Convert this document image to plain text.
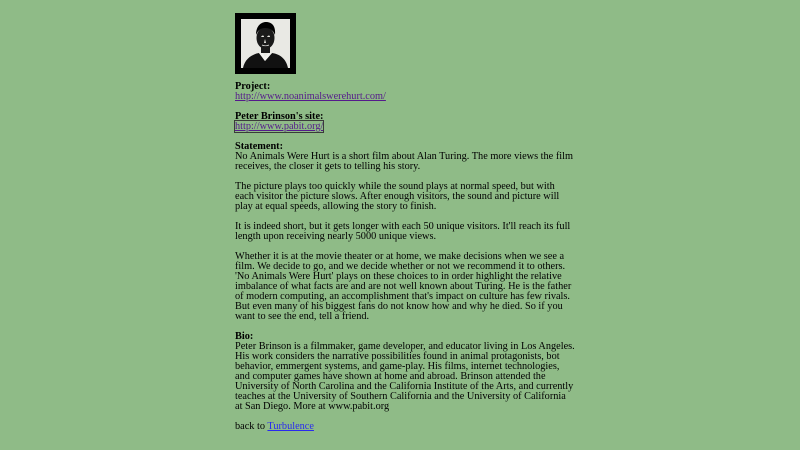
Project:
http://www.noanimalswerehurt.com/
Peter Brinson's site:
http://www.pabit.org/
Statement:

No Animals Were Hurt is a short film about Alan Turing. The more views the film receives, the closer it gets to telling his story.

The picture plays too quickly while the sound plays at normal speed, but with each visitor the picture slows. After enough visitors, the sound and picture will play at equal speeds, allowing the story to finish.

It is indeed short, but it gets longer with each 50 unique visitors. It'll reach its full length upon receiving nearly 5000 unique views.

Whether it is at the movie theater or at home, we make decisions when we see a film. We decide to go, and we decide whether or not we recommend it to others. 'No Animals Were Hurt' plays on these choices to in order highlight the relative imbalance of what facts are and are not well known about Turing. He is the father of modern computing, an accomplishment that's impact on culture has few rivals. But even many of his biggest fans do not know how and why he died. So if you want to see the end, tell a friend.

Bio:

Peter Brinson is a filmmaker, game developer, and educator living in Los Angeles. His work considers the narrative possibilities found in animal protagonists, bot behavior, emmergent systems, and game-play. His films, internet technologies, and computer games have shown at home and abroad. Brinson attended the University of North Carolina and the California Institute of the Arts, and currently teaches at the University of Southern California and the University of California at San Diego. More at www.pabit.org

back to Turbulence
